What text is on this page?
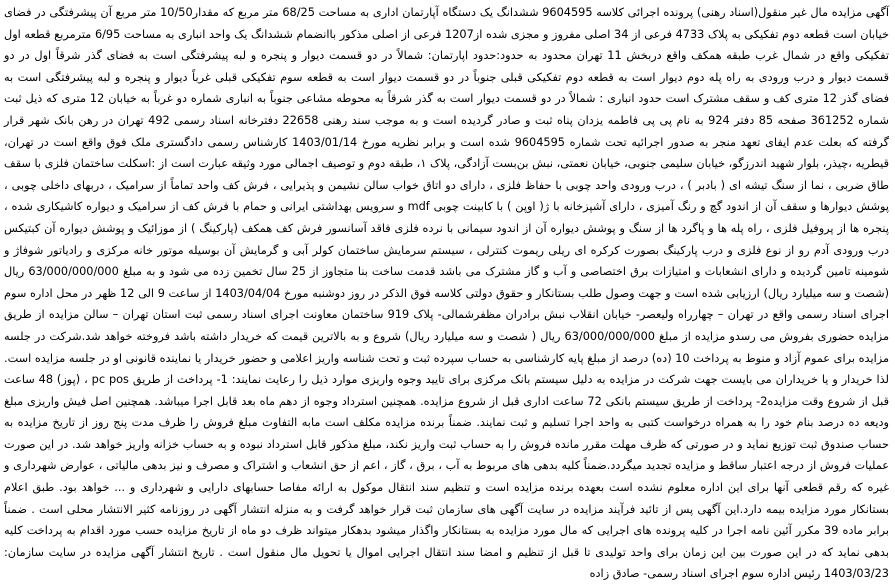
آگهی مزایده مال غیر منقول(اسناد رهنی) پرونده اجرائی کلاسه 9604595 ششدانگ یک دستگاه آپارتمان اداری به مساحت 68/25 متر مربع که مقدار10/50 متر مربع آن پیشرفتگی در فضای خیابان است قطعه دوم تفکیکی به پلاک 4733 فرعی از 34 اصلی مفروز و مجزی شده از1207 فرعی از اصلی مذکور باانضمام ششدانگ یک واحد انباری به مساحت 6/95 مترمربع قطعه اول تفکیکی واقع در شمال غرب طبقه همکف واقع دربخش 11 تهران محدود به حدود:حدود اپارتمان: شمالاً در دو قسمت دیوار و پنجره و لبه پیشرفتگی است به فضای گذر شرقاً اول در دو قسمت دیوار و درب ورودی به راه پله دوم دیوار است به قطعه دوم تفکیکی قبلی جنوباً در دو قسمت دیوار است به قطعه سوم تفکیکی قبلی غرباً دیوار و پنجره و لبه پیشرفتگی است به فضای گذر 12 متری کف و سقف مشترک است حدود انباری : شمالاً در دو قسمت دیوار است به گذر شرقاً به محوطه مشاعی جنوباً به انباری شماره دو غرباً به خیابان 12 متری که ذیل ثبت شماره 361252 صفحه 85 دفتر 924 به نام پی پی فاطمه یزدان پناه ثبت و صادر گردیده است و به موجب سند رهنی 22658 دفترخانه اسناد رسمی 492 تهران در رهن بانک شهر قرار گرفته که بعلت عدم ایفای تعهد منجر به صدور اجرائیه تحت شماره 9604595 شده است و برابر نظریه مورخ 1403/01/14 کارشناس رسمی دادگستری ملک فوق واقع است در تهران، قیطریه ،چیذر، بلوار شهید اندرزگو، خیابان سلیمی جنوبی، خیابان نعمتی، نبش بن‌بست آزادگی، پلاک ۱، طبقه دوم و توصیف اجمالی مورد وثیقه عبارت است از :اسکلت ساختمان فلزی با سقف طاق ضربی ، نما از سنگ تیشه ای ( بادبر ) ، درب ورودی واحد چوبی با حفاظ فلزی ، دارای دو اتاق خواب سالن نشیمن و پذیرایی ، فرش کف واحد تماماً از سرامیک ، دربهای داخلی چوبی ، پوشش دیوارها و سقف آن از اندود گچ و رنگ آمیزی ، دارای آشپزخانه با ژ( اوپن ) با کابینت چوبی mdf و سرویس بهداشتی ایرانی و حمام با فرش کف از سرامیک و دیواره کاشیکاری شده ، پنجره ها از پروفیل فلزی ، راه پله ها و پاگرد ها از سنگ و پوشش دیواره آن از اندود سیمانی با نرده فلزی فاقد آسانسور فرش کف همکف (پارکینگ ) از موزائیک و پوشش دیواره آن کبتیکس درب ورودی آدم رو از نوع فلزی و درب پارکینگ بصورت کرکره ای ریلی ریموت کنترلی ، سیستم سرمایش ساختمان کولر آبی و گرمایش آن بوسیله موتور خانه مرکزی و رادیاتور شوفاژ و شومینه تامین گردیده و دارای انشعابات و امتیازات برق اختصاصی و آب و گاز مشترک می باشد قدمت ساخت بنا متجاوز از 25 سال تخمین زده می شود و به مبلغ 63/000/000/000 ریال (شصت و سه میلیارد ریال) ارزیابی شده است و جهت وصول طلب بستانکار و حقوق دولتی کلاسه فوق الذکر در روز دوشنبه مورخ 1403/04/04 از ساعت 9 الی 12 ظهر در محل اداره سوم اجرای اسناد رسمی واقع در تهران – چهارراه ولیعصر- خیابان انقلاب نبش برادران مظفرشمالی- پلاک 919 ساختمان معاونت اجرای اسناد رسمی ثبت استان تهران – سالن مزایده از طریق مزایده حضوری بفروش می رسدو مزایده از مبلغ 63/000/000/000 ریال ( شصت و سه میلیارد ریال) شروع و به بالاترین قیمت که خریدار داشته باشد فروخته خواهد شد.شرکت در جلسه مزایده برای عموم آزاد و منوط به پرداخت 10 (ده) درصد از مبلغ پایه کارشناسی به حساب سپرده ثبت و تحت شناسه واریز اعلامی و حضور خریدار یا نماینده قانونی او در جلسه مزایده است. لذا خریدار و یا خریداران می بایست جهت شرکت در مزایده به دلیل سیستم بانک مرکزی برای تایید وجوه واریزی موارد ذیل را رعایت نمایند: 1- پرداخت از طریق pc pos ، (پوز) 48 ساعت قبل از شروع وقت مزایده2- پرداخت از طریق سیستم بانکی 72 ساعت اداری قبل از شروع مزایده. همچنین استرداد وجوه از دهم ماه بعد قابل اجرا میباشد. همچنین اصل فیش واریزی مبلغ ودیعه ده درصد بنام خود را به همراه درخواست کتبی به واحد اجرا تسلیم و ثبت نمایند. ضمناً برنده مزایده مکلف است مابه التفاوت مبلغ فروش را ظرف مدت پنج روز از تاریخ مزایده به حساب صندوق ثبت توزیع نماید و در صورتی که ظرف مهلت مقرر مانده فروش را به حساب ثبت واریز نکند، مبلغ مذکور قابل استرداد نبوده و به حساب خزانه واریز خواهد شد. در این صورت عملیات فروش از درجه اعتبار ساقط و مزایده تجدید میگردد.ضمناً کلیه بدهی های مربوط به آب ، برق ، گاز ، اعم از حق انشعاب و اشتراک و مصرف و نیز بدهی مالیاتی ، عوارض شهرداری و غیره که رقم قطعی آنها برای این اداره معلوم نشده است بعهده برنده مزایده است و تنظیم سند انتقال موکول به ارائه مفاصا حسابهای دارایی و شهرداری و ... خواهد بود. طبق اعلام بستانکار مورد مزایده بیمه دارد.این آگهی پس از تائید فرآیند مزایده در سایت آگهی های سازمان ثبت قرار خواهد گرفت و به منزله انتشار آگهی در روزنامه کثیر الانتشار محلی است . ضمناً برابر ماده 39 مکرر آئین نامه اجرا در کلیه پرونده های اجرایی که مال مورد مزایده به بستانکار واگذار میشود بدهکار میتواند ظرف دو ماه از تاریخ مزایده حسب مورد اقدام به پرداخت کلیه بدهی نماید که در این صورت بین این زمان برای واحد تولیدی تا قبل از تنظیم و امضا سند انتقال اجرایی اموال یا تحویل مال منقول است . تاریخ انتشار آگهی مزایده در سایت سازمان: 1403/03/23 رئیس اداره سوم اجرای اسناد رسمی- صادق زاده
